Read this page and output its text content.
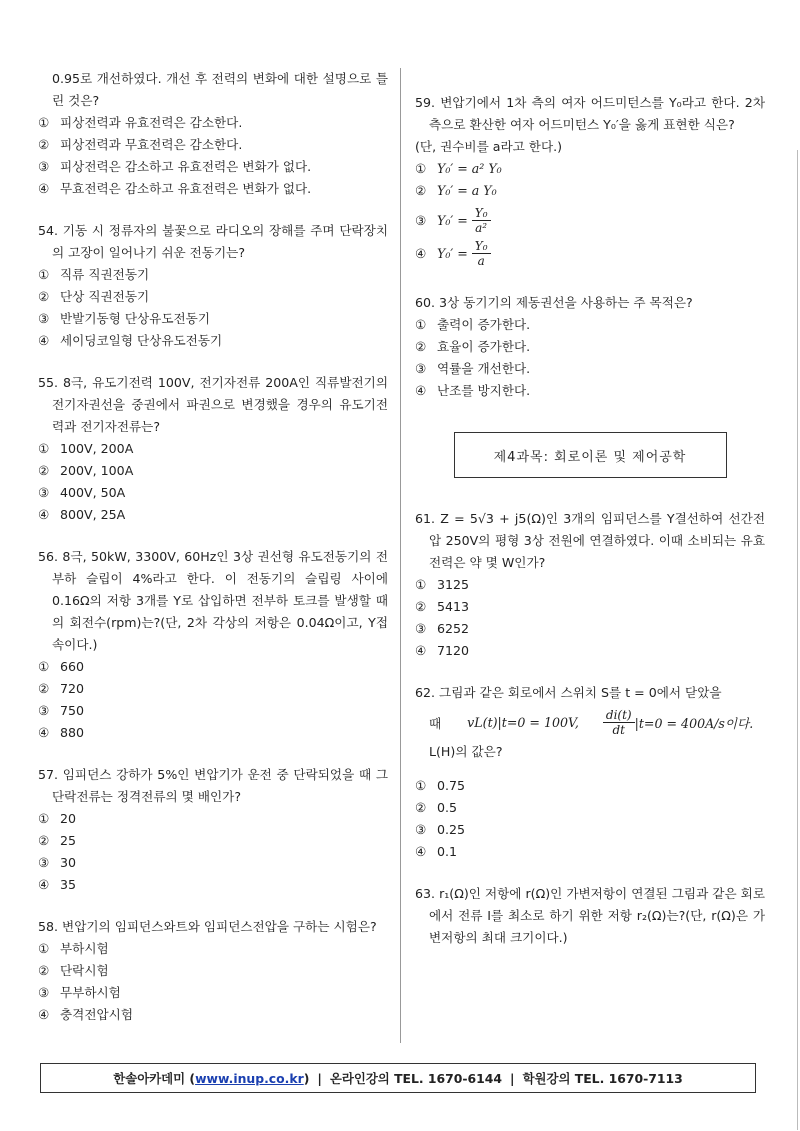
0.95로 개선하였다. 개선 후 전력의 변화에 대한 설명으로 틀린 것은?
① 피상전력과 유효전력은 감소한다.
② 피상전력과 무효전력은 감소한다.
③ 피상전력은 감소하고 유효전력은 변화가 없다.
④ 무효전력은 감소하고 유효전력은 변화가 없다.
54. 기동 시 정류자의 불꽃으로 라디오의 장해를 주며 단락장치의 고장이 일어나기 쉬운 전동기는?
① 직류 직권전동기
② 단상 직권전동기
③ 반발기동형 단상유도전동기
④ 세이딩코일형 단상유도전동기
55. 8극, 유도기전력 100V, 전기자전류 200A인 직류발전기의 전기자권선을 중권에서 파권으로 변경했을 경우의 유도기전력과 전기자전류는?
① 100V, 200A
② 200V, 100A
③ 400V, 50A
④ 800V, 25A
56. 8극, 50kW, 3300V, 60Hz인 3상 권선형 유도전동기의 전부하 슬립이 4%라고 한다. 이 전동기의 슬립링 사이에 0.16Ω의 저항 3개를 Y로 삽입하면 전부하 토크를 발생할 때의 회전수(rpm)는?(단, 2차 각상의 저항은 0.04Ω이고, Y접속이다.)
① 660
② 720
③ 750
④ 880
57. 임피던스 강하가 5%인 변압기가 운전 중 단락되었을 때 그 단락전류는 정격전류의 몇 배인가?
① 20
② 25
③ 30
④ 35
58. 변압기의 임피던스와트와 임피던스전압을 구하는 시험은?
① 부하시험
② 단락시험
③ 무부하시험
④ 충격전압시험
59. 변압기에서 1차 측의 여자 어드미턴스를 Y₀라고 한다. 2차 측으로 환산한 여자 어드미턴스 Y₀′을 옳게 표현한 식은?
(단, 권수비를 a라고 한다.)
① Y₀′ = a² Y₀
② Y₀′ = a Y₀
③ $Y_0' = \frac{\text{Y₀}}{\text{a²}}$
④ $Y_0' = \frac{\text{Y₀}}{a}$
60. 3상 동기기의 제동권선을 사용하는 주 목적은?
① 출력이 증가한다.
② 효율이 증가한다.
③ 역률을 개선한다.
④ 난조를 방지한다.
제4과목: 회로이론 및 제어공학
61. Z = 5√3 + j5(Ω)인 3개의 임피던스를 Y결선하여 선간전압 250V의 평형 3상 전원에 연결하였다. 이때 소비되는 유효전력은 약 몇 W인가?
① 3125
② 5413
③ 6252
④ 7120
62. 그림과 같은 회로에서 스위치 S를 t = 0에서 닫았을
때 vL(t)|t=0 = 100V, $\frac{di(t)}{dt} |t=0 = 400A/s$이다.
L(H)의 값은?
① 0.75
② 0.5
③ 0.25
④ 0.1
63. r₁(Ω)인 저항에 r(Ω)인 가변저항이 연결된 그림과 같은 회로에서 전류 I를 최소로 하기 위한 저항 r₂(Ω)는?(단, r(Ω)은 가변저항의 최대 크기이다.)
한솔아카데미 ( www.inup.co.kr ) | 온라인강의 TEL. 1670-6144 | 학원강의 TEL. 1670-7113
